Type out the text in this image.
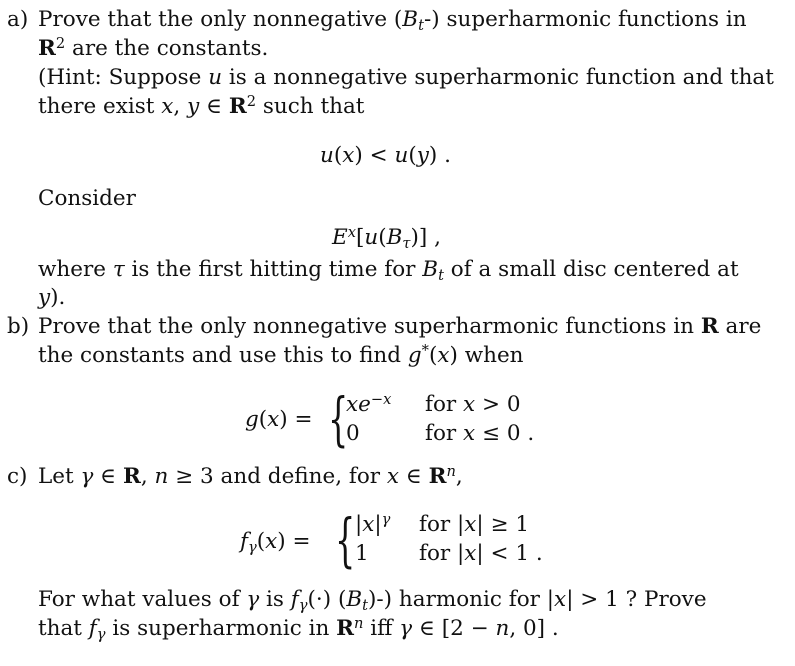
a) Prove that the only nonnegative $(B_t-)$ superharmonic functions in
$R^2$ are the constants.
(Hint: Suppose u is a nonnegative superharmonic function and that
there exist x, y ∈ $R^2$ such that
u(x) < u(y) .
Consider
$E^x[u(B_\tau)]$ ,
where τ is the first hitting time for $B_t$ of a small disc centered at
y).
b) Prove that the only nonnegative superharmonic functions in R are
the constants and use this to find g*(x) when
g(x) = {
$xe^{-x}$ for x > 0
0	for x ≤ 0 .
c) Let γ ∈ R, n ≥ 3 and define, for x ∈ $R^n$,
$f_\gamma(x)$ = { $|x|^\gamma$ for |x| ≥ 1
1 for |x| < 1 .
For what values of γ is $f_\gamma(\cdot)$ $(B_t)-$) harmonic for |x| > 1 ? Prove
that $f_\gamma$ is superharmonic in $R^n$ iff γ ∈ [2 − n, 0] .
